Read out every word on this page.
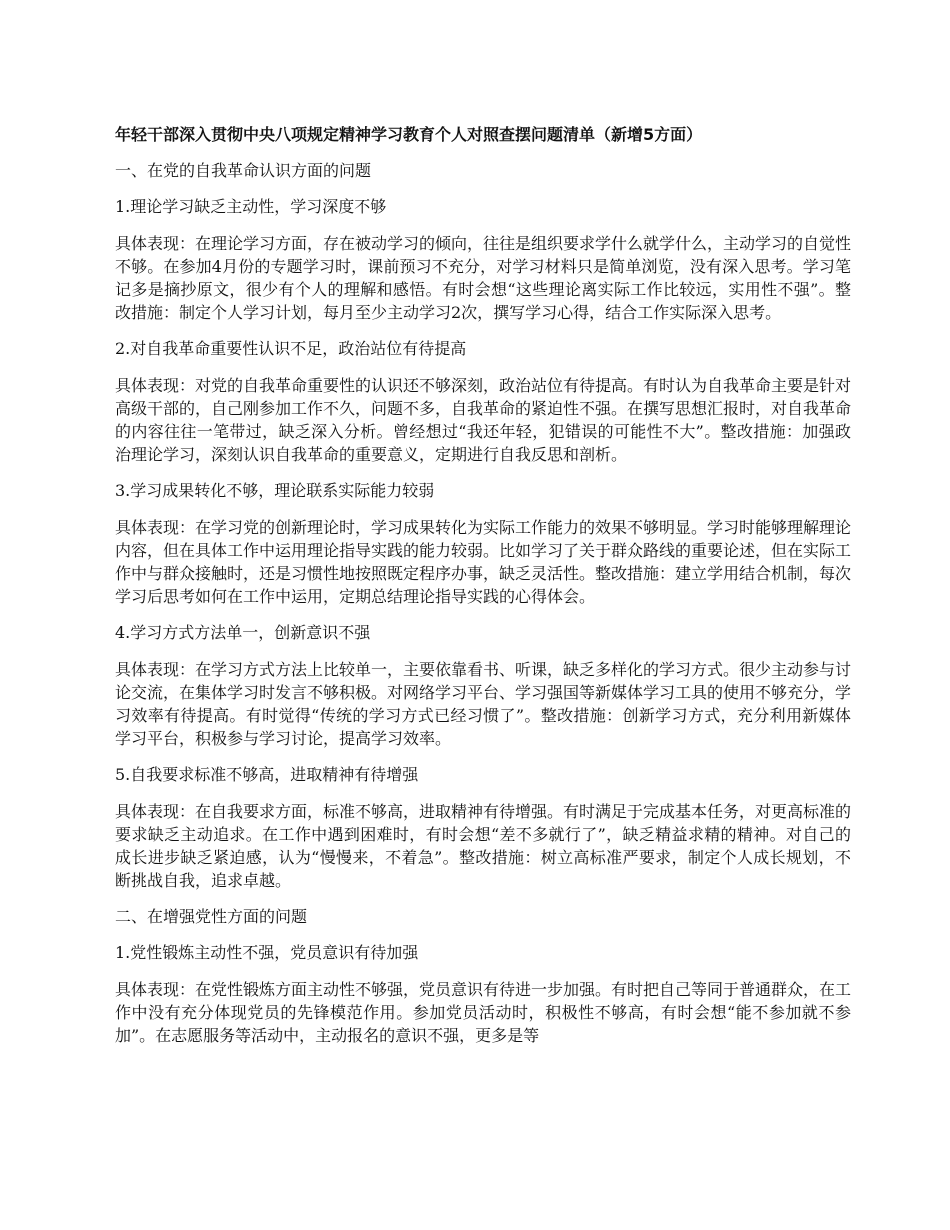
年轻干部深入贯彻中央八项规定精神学习教育个人对照查摆问题清单（新增5方面）
一、在党的自我革命认识方面的问题
1.理论学习缺乏主动性，学习深度不够
具体表现：在理论学习方面，存在被动学习的倾向，往往是组织要求学什么就学什么，主动学习的自觉性不够。在参加4月份的专题学习时，课前预习不充分，对学习材料只是简单浏览，没有深入思考。学习笔记多是摘抄原文，很少有个人的理解和感悟。有时会想“这些理论离实际工作比较远，实用性不强”。整改措施：制定个人学习计划，每月至少主动学习2次，撰写学习心得，结合工作实际深入思考。
2.对自我革命重要性认识不足，政治站位有待提高
具体表现：对党的自我革命重要性的认识还不够深刻，政治站位有待提高。有时认为自我革命主要是针对高级干部的，自己刚参加工作不久，问题不多，自我革命的紧迫性不强。在撰写思想汇报时，对自我革命的内容往往一笔带过，缺乏深入分析。曾经想过“我还年轻，犯错误的可能性不大”。整改措施：加强政治理论学习，深刻认识自我革命的重要意义，定期进行自我反思和剖析。
3.学习成果转化不够，理论联系实际能力较弱
具体表现：在学习党的创新理论时，学习成果转化为实际工作能力的效果不够明显。学习时能够理解理论内容，但在具体工作中运用理论指导实践的能力较弱。比如学习了关于群众路线的重要论述，但在实际工作中与群众接触时，还是习惯性地按照既定程序办事，缺乏灵活性。整改措施：建立学用结合机制，每次学习后思考如何在工作中运用，定期总结理论指导实践的心得体会。
4.学习方式方法单一，创新意识不强
具体表现：在学习方式方法上比较单一，主要依靠看书、听课，缺乏多样化的学习方式。很少主动参与讨论交流，在集体学习时发言不够积极。对网络学习平台、学习强国等新媒体学习工具的使用不够充分，学习效率有待提高。有时觉得“传统的学习方式已经习惯了”。整改措施：创新学习方式，充分利用新媒体学习平台，积极参与学习讨论，提高学习效率。
5.自我要求标准不够高，进取精神有待增强
具体表现：在自我要求方面，标准不够高，进取精神有待增强。有时满足于完成基本任务，对更高标准的要求缺乏主动追求。在工作中遇到困难时，有时会想“差不多就行了”，缺乏精益求精的精神。对自己的成长进步缺乏紧迫感，认为“慢慢来，不着急”。整改措施：树立高标准严要求，制定个人成长规划，不断挑战自我，追求卓越。
二、在增强党性方面的问题
1.党性锻炼主动性不强，党员意识有待加强
具体表现：在党性锻炼方面主动性不够强，党员意识有待进一步加强。有时把自己等同于普通群众，在工作中没有充分体现党员的先锋模范作用。参加党员活动时，积极性不够高，有时会想“能不参加就不参加”。在志愿服务等活动中，主动报名的意识不强，更多是等
